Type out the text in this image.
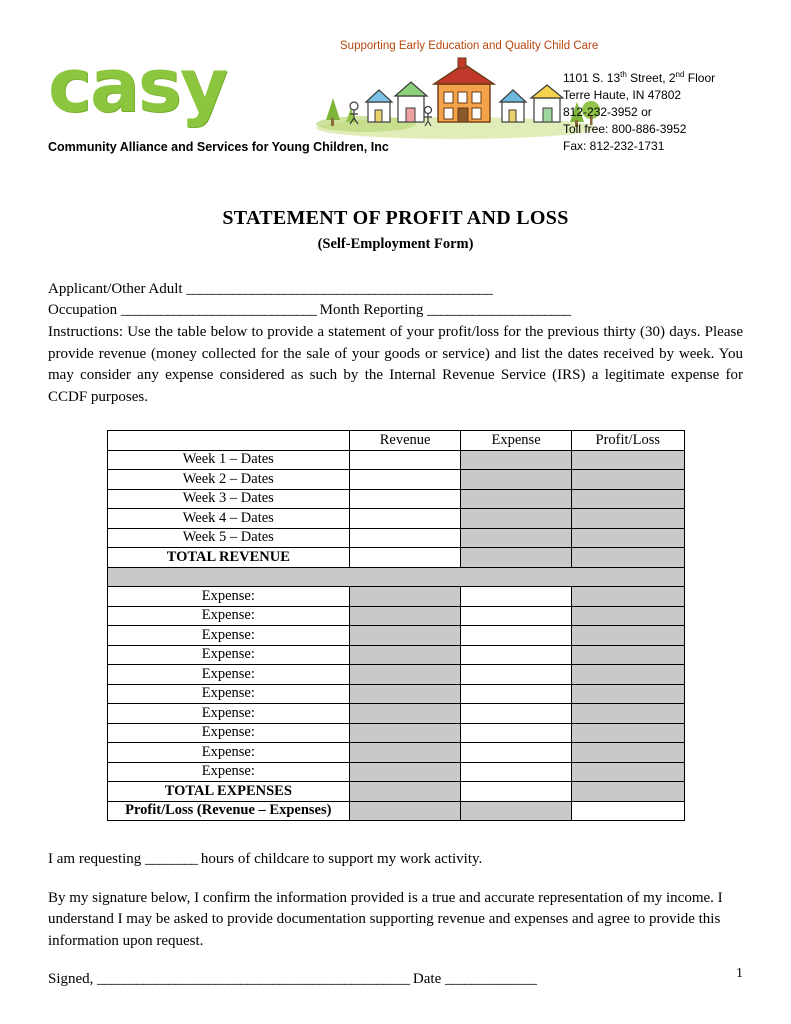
Supporting Early Education and Quality Child Care
casy
Community Alliance and Services for Young Children, Inc
1101 S. 13th Street, 2nd Floor
Terre Haute, IN 47802
812-232-3952 or
Toll free: 800-886-3952
Fax: 812-232-1731
STATEMENT OF PROFIT AND LOSS
(Self-Employment Form)
Applicant/Other Adult _______________________________________________
Occupation ______________________________ Month Reporting ______________________
Instructions: Use the table below to provide a statement of your profit/loss for the previous thirty (30) days. Please provide revenue (money collected for the sale of your goods or service) and list the dates received by week. You may consider any expense considered as such by the Internal Revenue Service (IRS) a legitimate expense for CCDF purposes.
	Revenue	Expense	Profit/Loss
Week 1 – Dates			
Week 2 – Dates			
Week 3 – Dates			
Week 4 – Dates			
Week 5 – Dates			
TOTAL REVENUE			

Expense:			
Expense:			
Expense:			
Expense:			
Expense:			
Expense:			
Expense:			
Expense:			
Expense:			
Expense:			
TOTAL EXPENSES			
Profit/Loss (Revenue – Expenses)			

I am requesting ________ hours of childcare to support my work activity.

By my signature below, I confirm the information provided is a true and accurate representation of my income. I understand I may be asked to provide documentation supporting revenue and expenses and agree to provide this information upon request.

Signed, ________________________________________________ Date ______________	1
